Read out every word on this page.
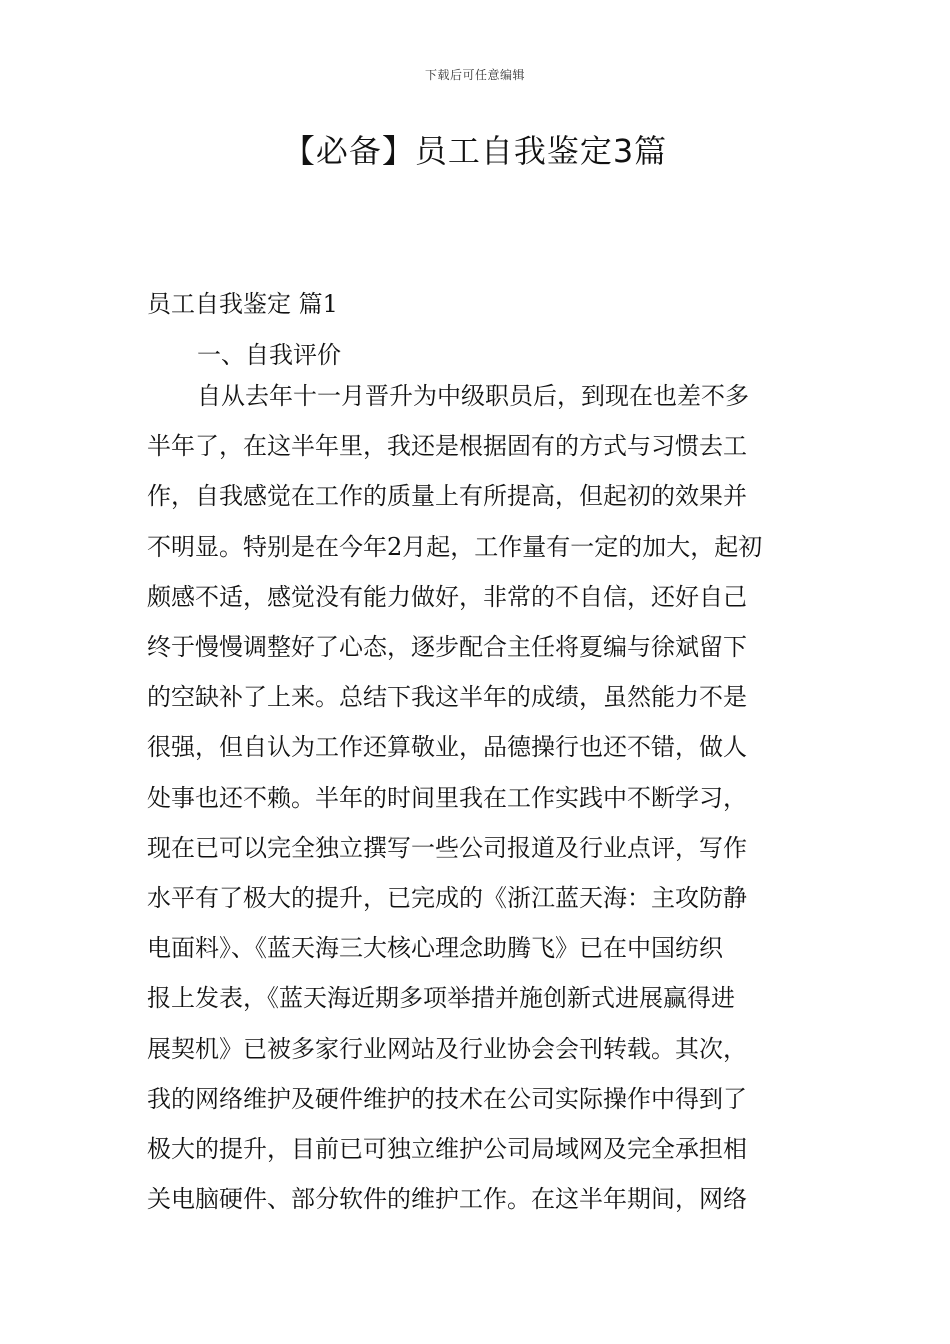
下载后可任意编辑
【必备】员工自我鉴定3篇
员工自我鉴定 篇1
一、自我评价
自从去年十一月晋升为中级职员后，到现在也差不多
半年了，在这半年里，我还是根据固有的方式与习惯去工
作，自我感觉在工作的质量上有所提高，但起初的效果并
不明显。特别是在今年2月起，工作量有一定的加大，起初
颇感不适，感觉没有能力做好，非常的不自信，还好自己
终于慢慢调整好了心态，逐步配合主任将夏编与徐斌留下
的空缺补了上来。总结下我这半年的成绩，虽然能力不是
很强，但自认为工作还算敬业，品德操行也还不错，做人
处事也还不赖。半年的时间里我在工作实践中不断学习，
现在已可以完全独立撰写一些公司报道及行业点评，写作
水平有了极大的提升，已完成的《浙江蓝天海：主攻防静
电面料》、《蓝天海三大核心理念助腾飞》已在中国纺织
报上发表，《蓝天海近期多项举措并施创新式进展赢得进
展契机》已被多家行业网站及行业协会会刊转载。其次，
我的网络维护及硬件维护的技术在公司实际操作中得到了
极大的提升，目前已可独立维护公司局域网及完全承担相
关电脑硬件、部分软件的维护工作。在这半年期间，网络
